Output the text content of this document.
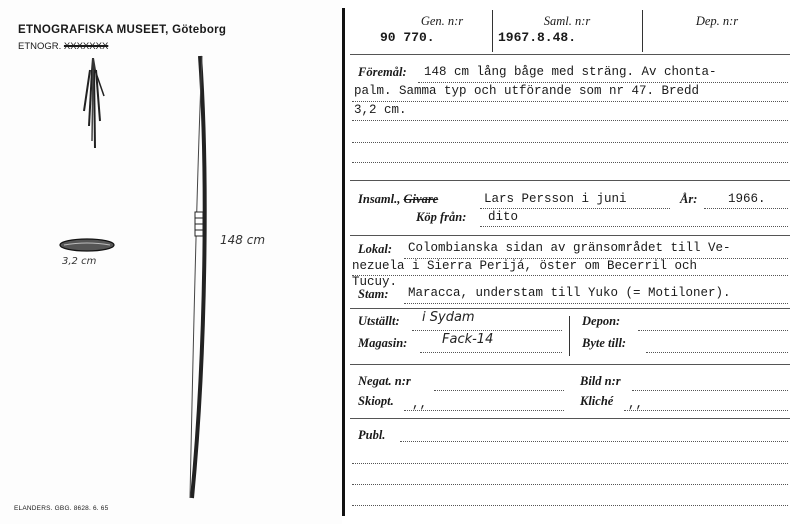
ETNOGRAFISKA MUSEET, Göteborg
ETNOGR. XXXXXXX
3,2 cm
148 cm
ELANDERS. GBG. 8628. 6. 65
Gen. n:r
90 770.
Saml. n:r
1967.8.48.
Dep. n:r
Föremål: 148 cm lång båge med sträng. Av chonta-
palm. Samma typ och utförande som nr 47. Bredd
3,2 cm.
Insaml., Givare	Lars Persson i juni	År: 1966.
Köp från: dito
Lokal: Colombianska sidan av gränsområdet till Ve-
nezuela i Sierra Perijá, öster om Becerril och
Tucuy.
Stam: Maracca, understam till Yuko (= Motiloner).
Utställt: i Sydam
Magasin:	Fack-14
Depon:
Byte till:
Negat. n:r	Bild n:r
Skiopt. ,,	Kliché ,,
Publ.
